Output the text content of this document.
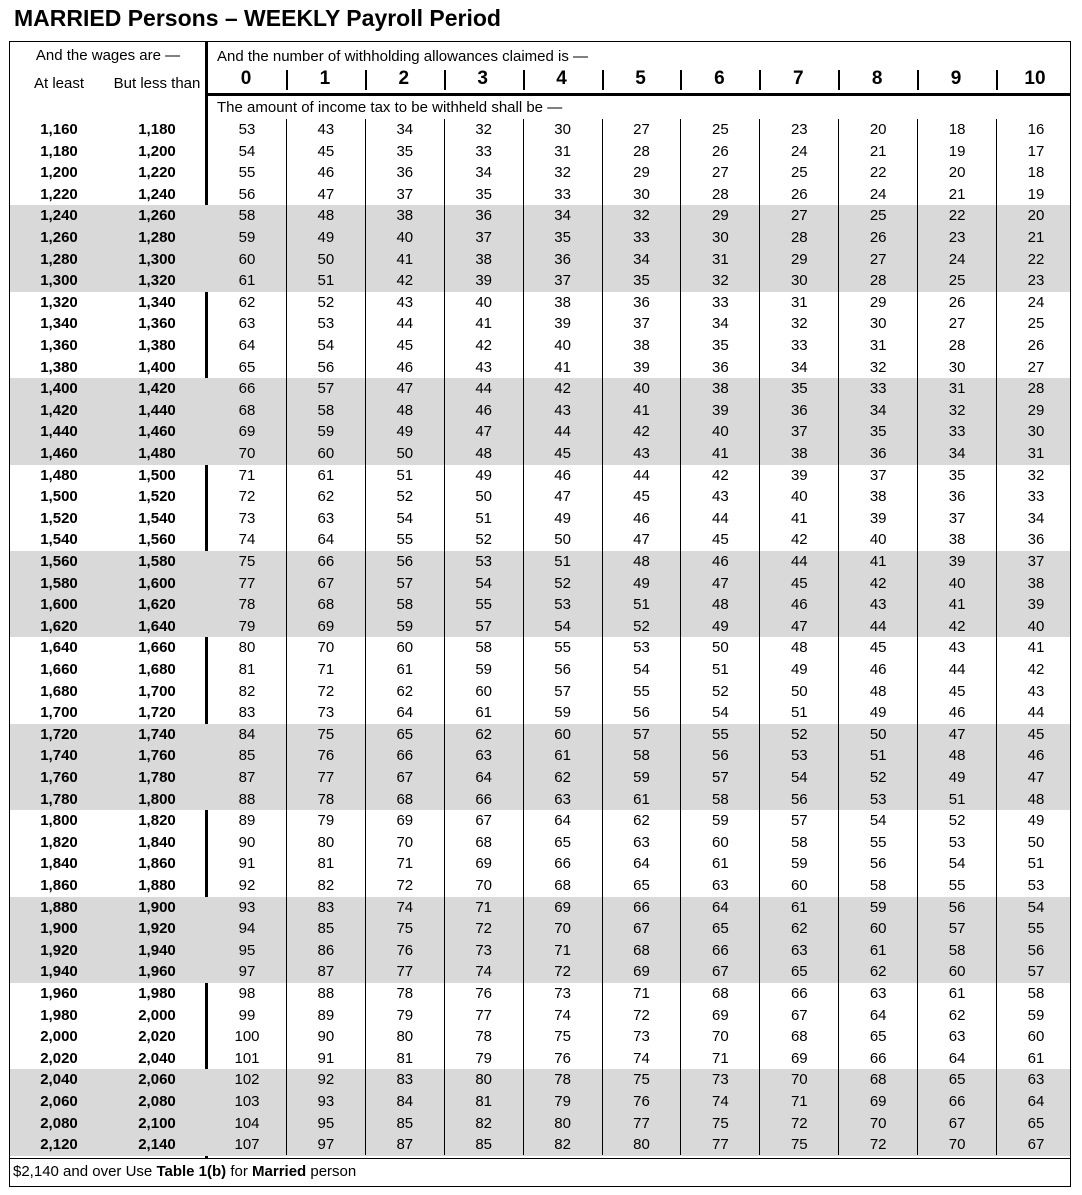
MARRIED Persons – WEEKLY Payroll Period
And the wages are —
At least	But less than
And the number of withholding allowances claimed is —
0	1	2	3	4	5	6	7	8	9	10
The amount of income tax to be withheld shall be —
1,160	1,180	53	43	34	32	30	27	25	23	20	18	16
1,180	1,200	54	45	35	33	31	28	26	24	21	19	17
1,200	1,220	55	46	36	34	32	29	27	25	22	20	18
1,220	1,240	56	47	37	35	33	30	28	26	24	21	19
1,240	1,260	58	48	38	36	34	32	29	27	25	22	20
1,260	1,280	59	49	40	37	35	33	30	28	26	23	21
1,280	1,300	60	50	41	38	36	34	31	29	27	24	22
1,300	1,320	61	51	42	39	37	35	32	30	28	25	23
1,320	1,340	62	52	43	40	38	36	33	31	29	26	24
1,340	1,360	63	53	44	41	39	37	34	32	30	27	25
1,360	1,380	64	54	45	42	40	38	35	33	31	28	26
1,380	1,400	65	56	46	43	41	39	36	34	32	30	27
1,400	1,420	66	57	47	44	42	40	38	35	33	31	28
1,420	1,440	68	58	48	46	43	41	39	36	34	32	29
1,440	1,460	69	59	49	47	44	42	40	37	35	33	30
1,460	1,480	70	60	50	48	45	43	41	38	36	34	31
1,480	1,500	71	61	51	49	46	44	42	39	37	35	32
1,500	1,520	72	62	52	50	47	45	43	40	38	36	33
1,520	1,540	73	63	54	51	49	46	44	41	39	37	34
1,540	1,560	74	64	55	52	50	47	45	42	40	38	36
1,560	1,580	75	66	56	53	51	48	46	44	41	39	37
1,580	1,600	77	67	57	54	52	49	47	45	42	40	38
1,600	1,620	78	68	58	55	53	51	48	46	43	41	39
1,620	1,640	79	69	59	57	54	52	49	47	44	42	40
1,640	1,660	80	70	60	58	55	53	50	48	45	43	41
1,660	1,680	81	71	61	59	56	54	51	49	46	44	42
1,680	1,700	82	72	62	60	57	55	52	50	48	45	43
1,700	1,720	83	73	64	61	59	56	54	51	49	46	44
1,720	1,740	84	75	65	62	60	57	55	52	50	47	45
1,740	1,760	85	76	66	63	61	58	56	53	51	48	46
1,760	1,780	87	77	67	64	62	59	57	54	52	49	47
1,780	1,800	88	78	68	66	63	61	58	56	53	51	48
1,800	1,820	89	79	69	67	64	62	59	57	54	52	49
1,820	1,840	90	80	70	68	65	63	60	58	55	53	50
1,840	1,860	91	81	71	69	66	64	61	59	56	54	51
1,860	1,880	92	82	72	70	68	65	63	60	58	55	53
1,880	1,900	93	83	74	71	69	66	64	61	59	56	54
1,900	1,920	94	85	75	72	70	67	65	62	60	57	55
1,920	1,940	95	86	76	73	71	68	66	63	61	58	56
1,940	1,960	97	87	77	74	72	69	67	65	62	60	57
1,960	1,980	98	88	78	76	73	71	68	66	63	61	58
1,980	2,000	99	89	79	77	74	72	69	67	64	62	59
2,000	2,020	100	90	80	78	75	73	70	68	65	63	60
2,020	2,040	101	91	81	79	76	74	71	69	66	64	61
2,040	2,060	102	92	83	80	78	75	73	70	68	65	63
2,060	2,080	103	93	84	81	79	76	74	71	69	66	64
2,080	2,100	104	95	85	82	80	77	75	72	70	67	65
2,120	2,140	107	97	87	85	82	80	77	75	72	70	67
$2,140 and over Use Table 1(b) for Married person
